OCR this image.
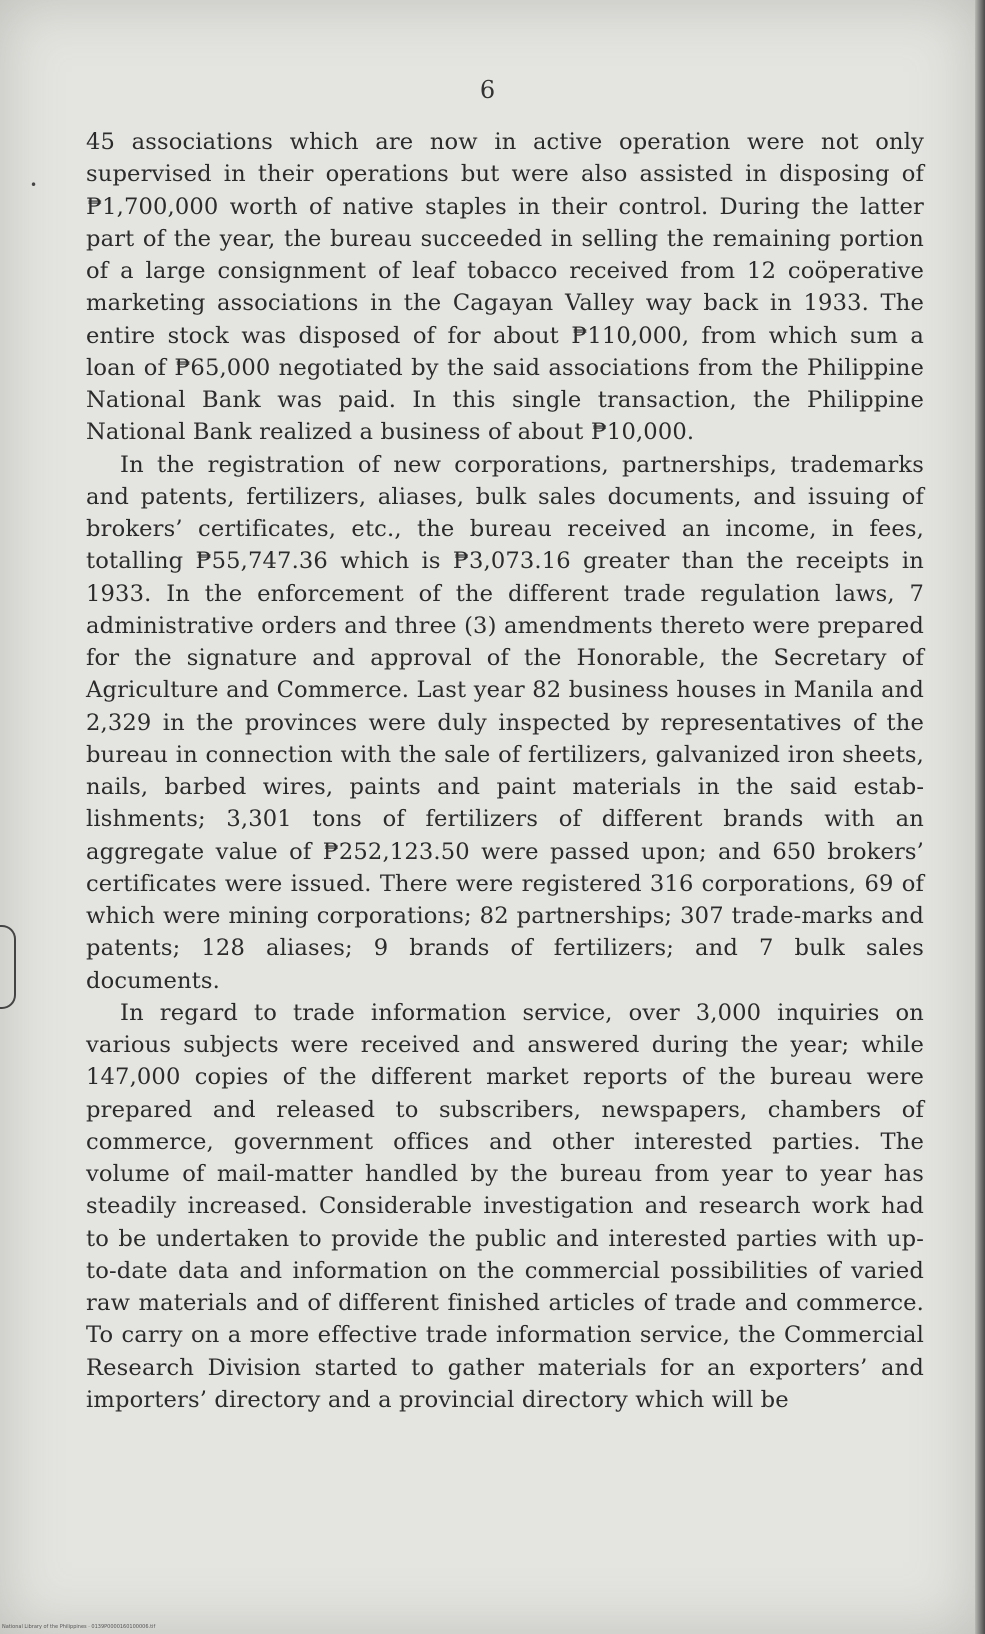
6

45 associations which are now in active operation were not only supervised in their operations but were also assisted in disposing of ₱1,700,000 worth of native staples in their control. During the latter part of the year, the bureau succeeded in selling the remaining portion of a large consignment of leaf tobacco received from 12 coöperative marketing associations in the Cagayan Valley way back in 1933. The entire stock was disposed of for about ₱110,000, from which sum a loan of ₱65,000 negotiated by the said associations from the Philippine National Bank was paid. In this single transaction, the Philippine National Bank realized a business of about ₱10,000.

In the registration of new corporations, partnerships, trademarks and patents, fertilizers, aliases, bulk sales documents, and issuing of brokers’ certificates, etc., the bureau received an income, in fees, totalling ₱55,747.36 which is ₱3,073.16 greater than the receipts in 1933. In the enforcement of the different trade regulation laws, 7 administrative orders and three (3) amendments thereto were prepared for the signature and approval of the Honorable, the Secretary of Agriculture and Commerce. Last year 82 business houses in Manila and 2,329 in the provinces were duly inspected by representatives of the bureau in connection with the sale of fertilizers, galvanized iron sheets, nails, barbed wires, paints and paint materials in the said establishments; 3,301 tons of fertilizers of different brands with an aggregate value of ₱252,123.50 were passed upon; and 650 brokers’ certificates were issued. There were registered 316 corporations, 69 of which were mining corporations; 82 partnerships; 307 trade-marks and patents; 128 aliases; 9 brands of fertilizers; and 7 bulk sales documents.

In regard to trade information service, over 3,000 inquiries on various subjects were received and answered during the year; while 147,000 copies of the different market reports of the bureau were prepared and released to subscribers, newspapers, chambers of commerce, government offices and other interested parties. The volume of mail-matter handled by the bureau from year to year has steadily increased. Considerable investigation and research work had to be undertaken to provide the public and interested parties with up-to-date data and information on the commercial possibilities of varied raw materials and of different finished articles of trade and commerce. To carry on a more effective trade information service, the Commercial Research Division started to gather materials for an exporters’ and importers’ directory and a provincial directory which will be

•
National Library of the Philippines · 0139P0000160100006.tif
